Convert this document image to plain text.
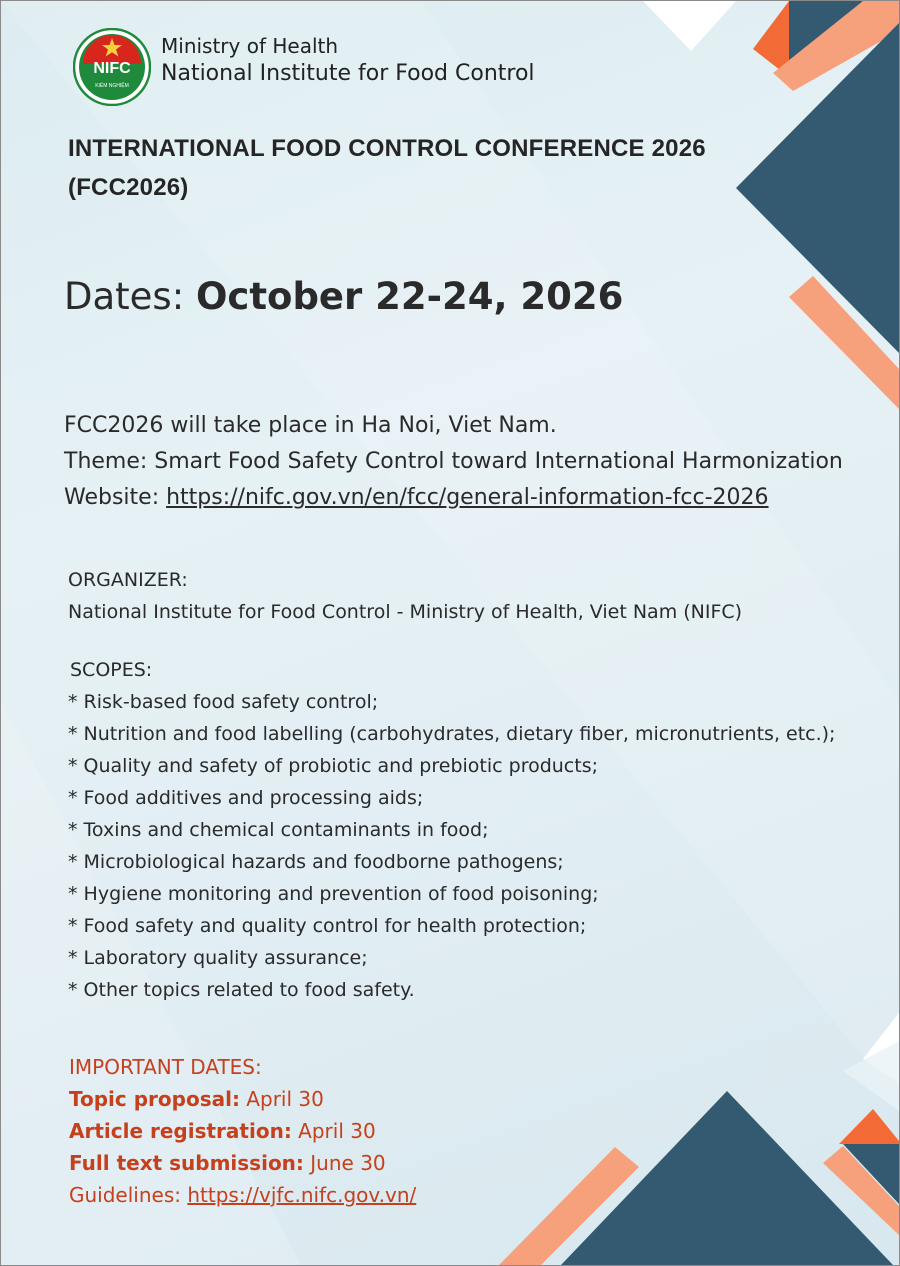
NIFC
KIỂM NGHIỆM
Ministry of Health
National Institute for Food Control
INTERNATIONAL FOOD CONTROL CONFERENCE 2026
(FCC2026)
Dates: October 22-24, 2026
FCC2026 will take place in Ha Noi, Viet Nam.
Theme: Smart Food Safety Control toward International Harmonization
Website: https://nifc.gov.vn/en/fcc/general-information-fcc-2026
ORGANIZER:
National Institute for Food Control - Ministry of Health, Viet Nam (NIFC)
SCOPES:
* Risk-based food safety control;
* Nutrition and food labelling (carbohydrates, dietary fiber, micronutrients, etc.);
* Quality and safety of probiotic and prebiotic products;
* Food additives and processing aids;
* Toxins and chemical contaminants in food;
* Microbiological hazards and foodborne pathogens;
* Hygiene monitoring and prevention of food poisoning;
* Food safety and quality control for health protection;
* Laboratory quality assurance;
* Other topics related to food safety.
IMPORTANT DATES:
Topic proposal: April 30
Article registration: April 30
Full text submission: June 30
Guidelines: https://vjfc.nifc.gov.vn/
